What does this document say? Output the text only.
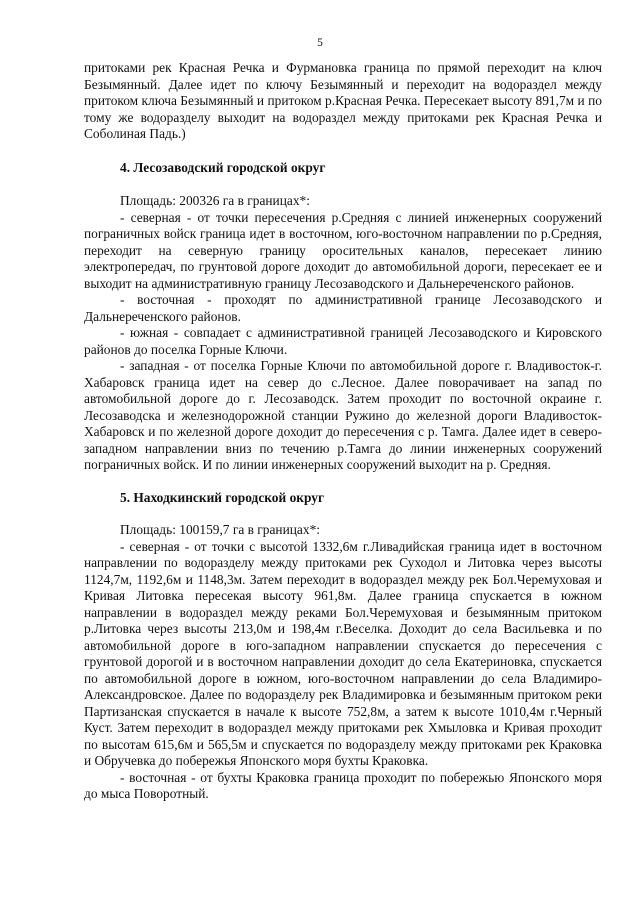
5

притоками рек Красная Речка и Фурмановка граница по прямой переходит на ключ Безымянный. Далее идет по ключу Безымянный и переходит на водораздел между притоком ключа Безымянный и притоком р.Красная Речка. Пересекает высоту 891,7м и по тому же водоразделу выходит на водораздел между притоками рек Красная Речка и Соболиная Падь.)

4. Лесозаводский городской округ

Площадь: 200326 га в границах*:

- северная - от точки пересечения р.Средняя с линией инженерных сооружений пограничных войск граница идет в восточном, юго-восточном направлении по р.Средняя, переходит на северную границу оросительных каналов, пересекает линию электропередач, по грунтовой дороге доходит до автомобильной дороги, пересекает ее и выходит на административную границу Лесозаводского и Дальнереченского районов.

- восточная - проходят по административной границе Лесозаводского и Дальнереченского районов.

- южная - совпадает с административной границей Лесозаводского и Кировского районов до поселка Горные Ключи.

- западная - от поселка Горные Ключи по автомобильной дороге г. Владивосток-г. Хабаровск граница идет на север до с.Лесное. Далее поворачивает на запад по автомобильной дороге до г. Лесозаводск. Затем проходит по восточной окраине г. Лесозаводска и железнодорожной станции Ружино до железной дороги Владивосток- Хабаровск и по железной дороге доходит до пересечения с р. Тамга. Далее идет в северо-западном направлении вниз по течению р.Тамга до линии инженерных сооружений пограничных войск. И по линии инженерных сооружений выходит на р. Средняя.

5. Находкинский городской округ

Площадь: 100159,7 га в границах*:

- северная - от точки с высотой 1332,6м г.Ливадийская граница идет в восточном направлении по водоразделу между притоками рек Суходол и Литовка через высоты 1124,7м, 1192,6м и 1148,3м. Затем переходит в водораздел между рек Бол.Черемуховая и Кривая Литовка пересекая высоту 961,8м. Далее граница спускается в южном направлении в водораздел между реками Бол.Черемуховая и безымянным притоком р.Литовка через высоты 213,0м и 198,4м г.Веселка. Доходит до села Васильевка и по автомобильной дороге в юго-западном направлении спускается до пересечения с грунтовой дорогой и в восточном направлении доходит до села Екатериновка, спускается по автомобильной дороге в южном, юго-восточном направлении до села Владимиро-Александровское. Далее по водоразделу рек Владимировка и безымянным притоком реки Партизанская спускается в начале к высоте 752,8м, а затем к высоте 1010,4м г.Черный Куст. Затем переходит в водораздел между притоками рек Хмыловка и Кривая проходит по высотам 615,6м и 565,5м и спускается по водоразделу между притоками рек Краковка и Обручевка до побережья Японского моря бухты Краковка.

- восточная - от бухты Краковка граница проходит по побережью Японского моря до мыса Поворотный.
